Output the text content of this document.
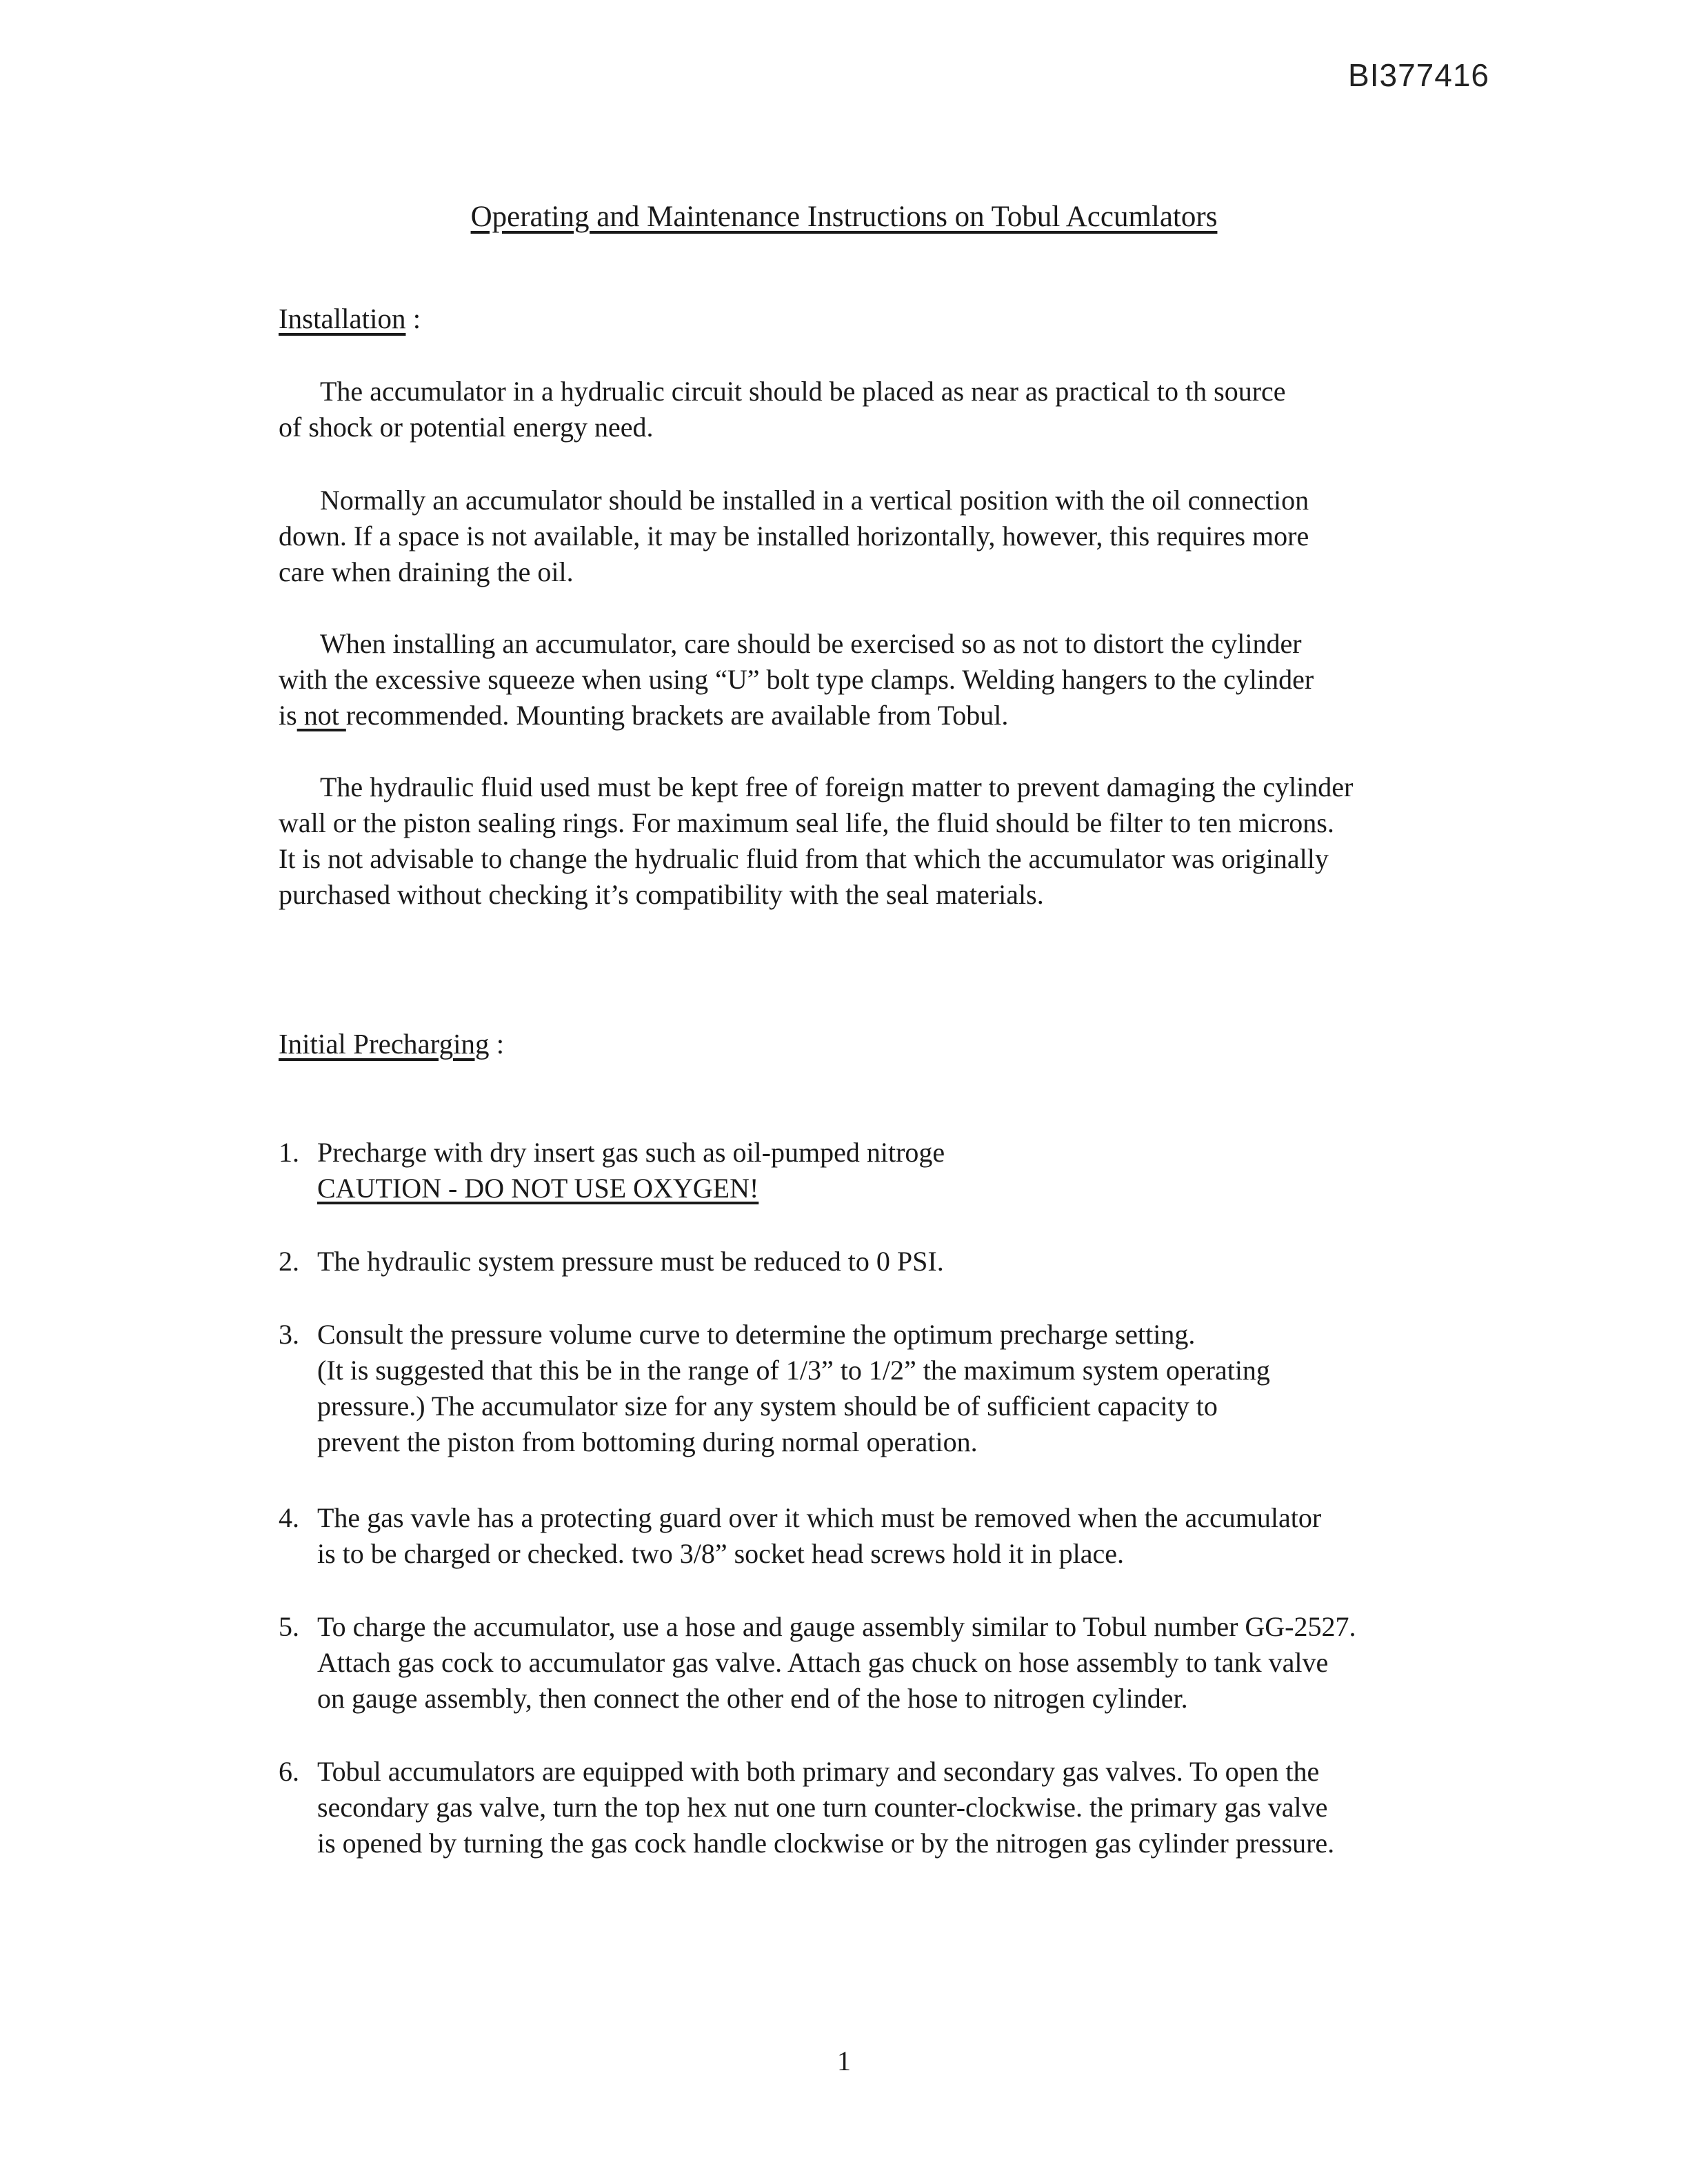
BI377416
Operating and Maintenance Instructions on Tobul Accumlators
Installation :

The accumulator in a hydrualic circuit should be placed as near as practical to th source
of shock or potential energy need.

Normally an accumulator should be installed in a vertical position with the oil connection
down. If a space is not available, it may be installed horizontally, however, this requires more
care when draining the oil.

When installing an accumulator, care should be exercised so as not to distort the cylinder
with the excessive squeeze when using “U” bolt type clamps. Welding hangers to the cylinder
is not recommended. Mounting brackets are available from Tobul.

The hydraulic fluid used must be kept free of foreign matter to prevent damaging the cylinder
wall or the piston sealing rings. For maximum seal life, the fluid should be filter to ten microns.
It is not advisable to change the hydrualic fluid from that which the accumulator was originally
purchased without checking it’s compatibility with the seal materials.

Initial Precharging :
1. Precharge with dry insert gas such as oil-pumped nitroge
CAUTION - DO NOT USE OXYGEN!
2. The hydraulic system pressure must be reduced to 0 PSI.
3. Consult the pressure volume curve to determine the optimum precharge setting.
(It is suggested that this be in the range of 1/3” to 1/2” the maximum system operating
pressure.) The accumulator size for any system should be of sufficient capacity to
prevent the piston from bottoming during normal operation.
4. The gas vavle has a protecting guard over it which must be removed when the accumulator
is to be charged or checked. two 3/8” socket head screws hold it in place.
5. To charge the accumulator, use a hose and gauge assembly similar to Tobul number GG-2527.
Attach gas cock to accumulator gas valve. Attach gas chuck on hose assembly to tank valve
on gauge assembly, then connect the other end of the hose to nitrogen cylinder.
6. Tobul accumulators are equipped with both primary and secondary gas valves. To open the
secondary gas valve, turn the top hex nut one turn counter-clockwise. the primary gas valve
is opened by turning the gas cock handle clockwise or by the nitrogen gas cylinder pressure.
1
